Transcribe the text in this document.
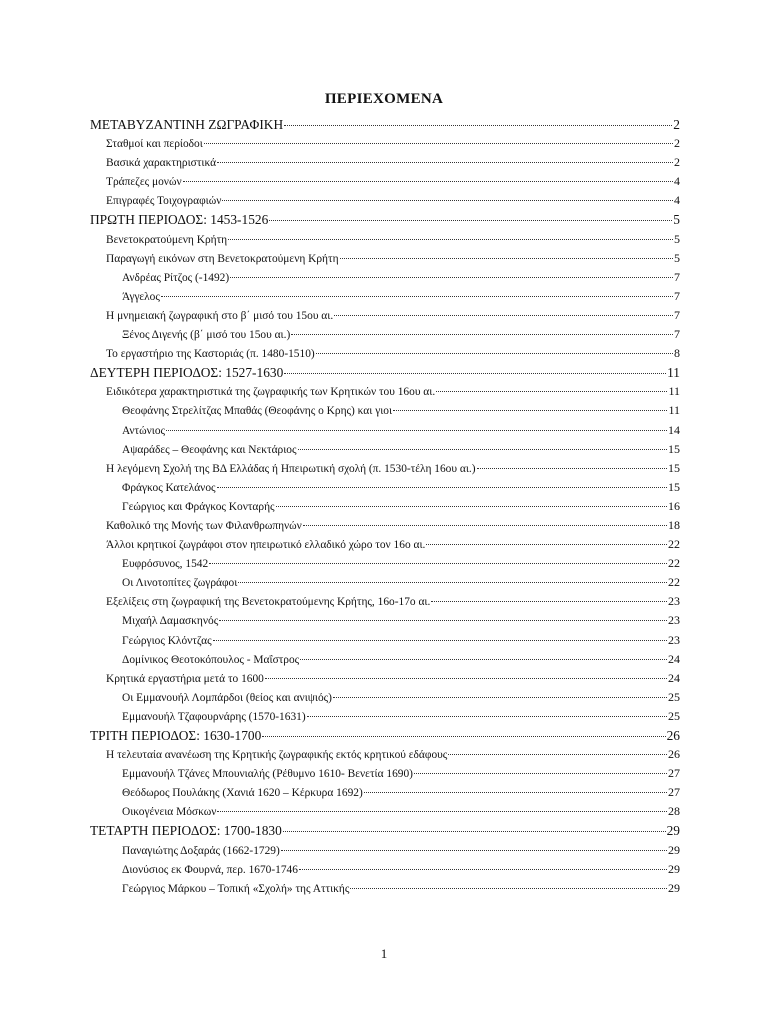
ΠΕΡΙΕΧΟΜΕΝΑ
ΜΕΤΑΒΥΖΑΝΤΙΝΗ ΖΩΓΡΑΦΙΚΗ	2
Σταθμοί και περίοδοι	2
Βασικά χαρακτηριστικά	2
Τράπεζες μονών	4
Επιγραφές Τοιχογραφιών	4
ΠΡΩΤΗ ΠΕΡΙΟΔΟΣ: 1453-1526	5
Βενετοκρατούμενη Κρήτη	5
Παραγωγή εικόνων στη Βενετοκρατούμενη Κρήτη	5
Ανδρέας Ρίτζος (-1492)	7
Άγγελος	7
Η μνημειακή ζωγραφική στο β΄ μισό του 15ου αι.	7
Ξένος Διγενής (β΄ μισό του 15ου αι.)	7
Το εργαστήριο της Καστοριάς (π. 1480-1510)	8
ΔΕΥΤΕΡΗ ΠΕΡΙΟΔΟΣ: 1527-1630	11
Ειδικότερα χαρακτηριστικά της ζωγραφικής των Κρητικών του 16ου αι.	11
Θεοφάνης Στρελίτζας Μπαθάς (Θεοφάνης ο Κρης) και γιοι	11
Αντώνιος	14
Αψαράδες – Θεοφάνης και Νεκτάριος	15
Η λεγόμενη Σχολή της ΒΔ Ελλάδας ή Ηπειρωτική σχολή (π. 1530-τέλη 16ου αι.)	15
Φράγκος Κατελάνος	15
Γεώργιος και Φράγκος Κονταρής	16
Καθολικό της Μονής των Φιλανθρωπηνών	18
Άλλοι κρητικοί ζωγράφοι στον ηπειρωτικό ελλαδικό χώρο τον 16ο αι.	22
Ευφρόσυνος, 1542	22
Οι Λινοτοπίτες ζωγράφοι	22
Εξελίξεις στη ζωγραφική της Βενετοκρατούμενης Κρήτης, 16ο-17ο αι.	23
Μιχαήλ Δαμασκηνός	23
Γεώργιος Κλόντζας	23
Δομίνικος Θεοτοκόπουλος - Μαΐστρος	24
Κρητικά εργαστήρια μετά το 1600	24
Οι Εμμανουήλ Λομπάρδοι (θείος και ανιψιός)	25
Εμμανουήλ Τζαφουρνάρης (1570-1631)	25
ΤΡΙΤΗ ΠΕΡΙΟΔΟΣ: 1630-1700	26
Η τελευταία ανανέωση της Κρητικής ζωγραφικής εκτός κρητικού εδάφους	26
Εμμανουήλ Τζάνες Μπουνιαλής (Ρέθυμνο 1610- Βενετία 1690)	27
Θεόδωρος Πουλάκης (Χανιά 1620 – Κέρκυρα 1692)	27
Οικογένεια Μόσκων	28
ΤΕΤΑΡΤΗ ΠΕΡΙΟΔΟΣ: 1700-1830	29
Παναγιώτης Δοξαράς (1662-1729)	29
Διονύσιος εκ Φουρνά, περ. 1670-1746	29
Γεώργιος Μάρκου – Τοπική «Σχολή» της Αττικής	29
1
